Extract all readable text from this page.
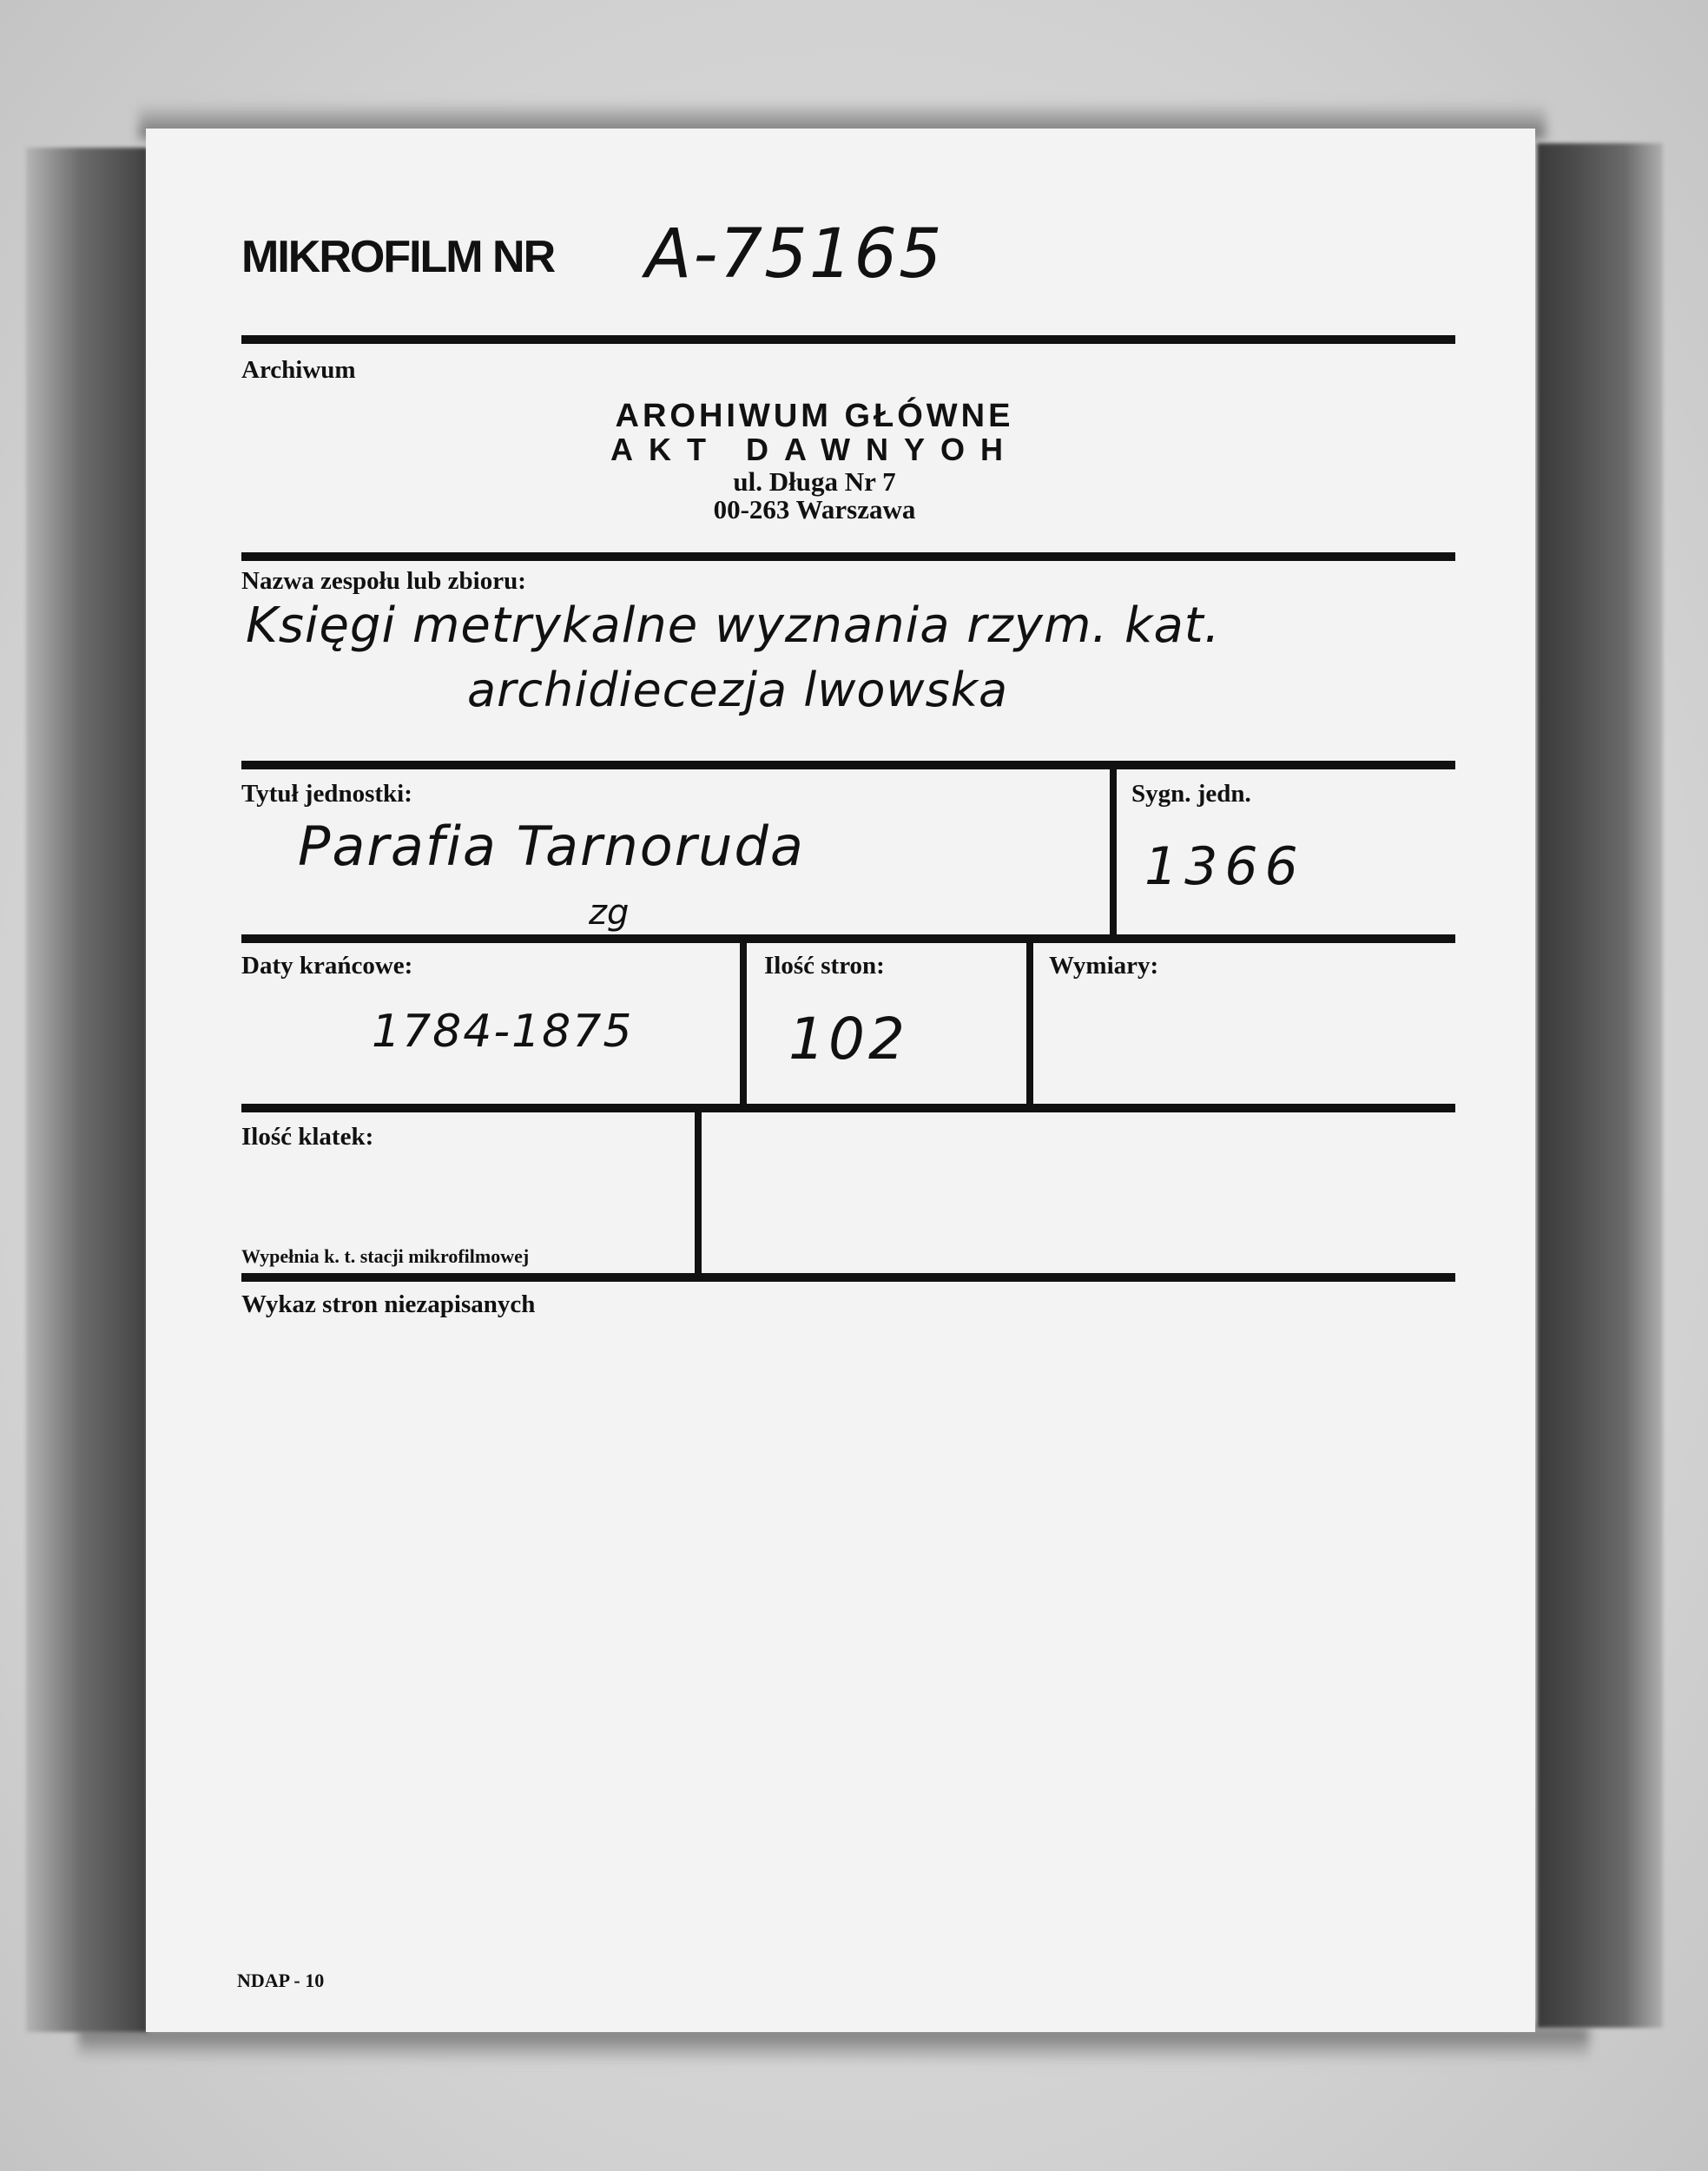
MIKROFILM NR A-75165
Archiwum
AROHIWUM GŁÓWNE
AKT DAWNYOH
ul. Długa Nr 7
00-263 Warszawa
Nazwa zespołu lub zbioru:
Księgi metrykalne wyznania rzym. kat.
archidiecezja lwowska
Tytuł jednostki:
Parafia Tarnoruda
zg
Sygn. jedn.
1366
Daty krańcowe:
1784-1875
Ilość stron:
102
Wymiary:
Ilość klatek:
Wypełnia k. t. stacji mikrofilmowej
Wykaz stron niezapisanych
NDAP - 10
